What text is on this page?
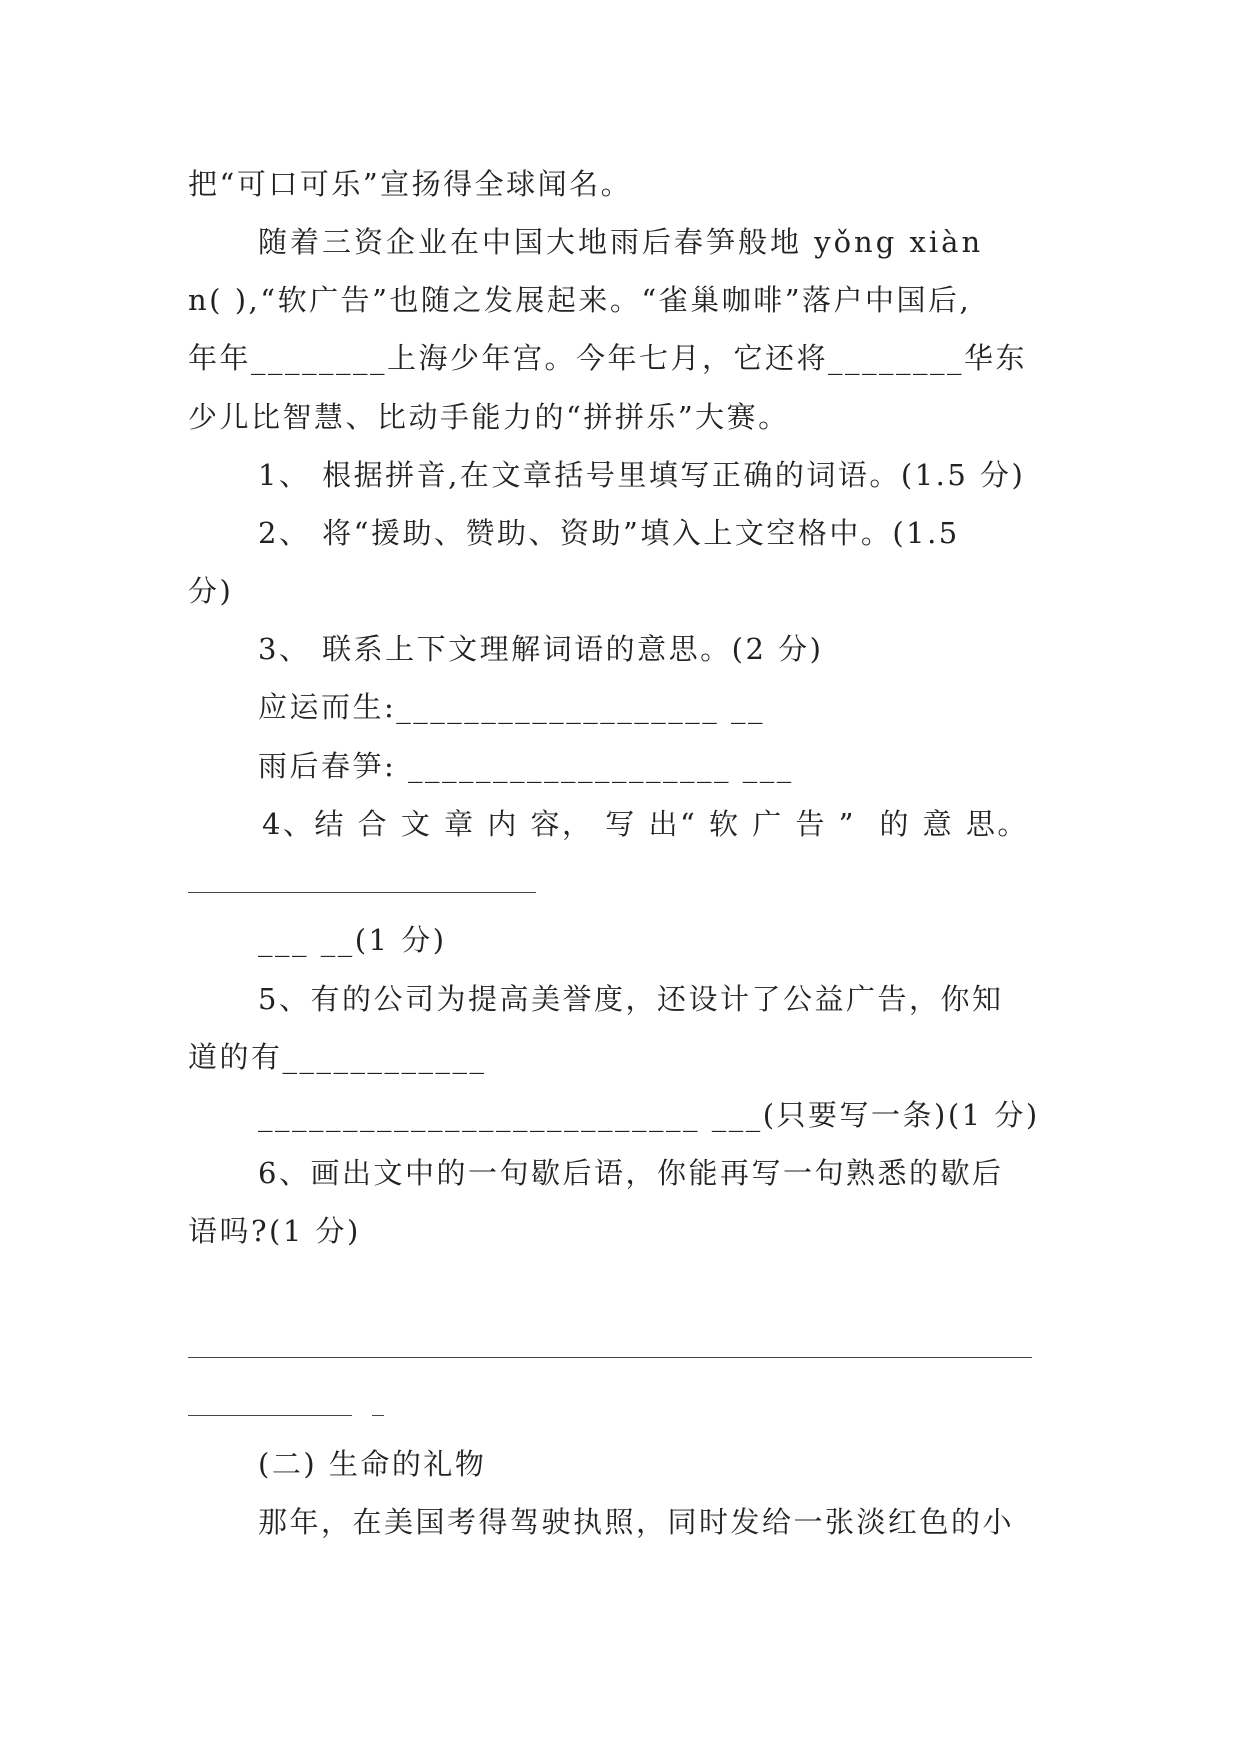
把“可口可乐”宣扬得全球闻名。
随着三资企业在中国大地雨后春笋般地 yǒng xiàn
n( ),“软广告”也随之发展起来。“雀巢咖啡”落户中国后,
年年________上海少年宫。今年七月，它还将________华东
少儿比智慧、比动手能力的“拼拼乐”大赛。
1、 根据拼音,在文章括号里填写正确的词语。(1.5 分)
2、 将“援助、赞助、资助”填入上文空格中。(1.5
分)
3、 联系上下文理解词语的意思。(2 分)
应运而生:___________________ __
雨后春笋: ___________________ ___
4、结 合 文 章 内 容， 写 出“ 软 广 告 ”  的 意 思。
___ __(1 分)
5、有的公司为提高美誉度，还设计了公益广告，你知
道的有____________
__________________________ ___(只要写一条)(1 分)
6、画出文中的一句歇后语，你能再写一句熟悉的歇后
语吗?(1 分)
(二) 生命的礼物
那年，在美国考得驾驶执照，同时发给一张淡红色的小
